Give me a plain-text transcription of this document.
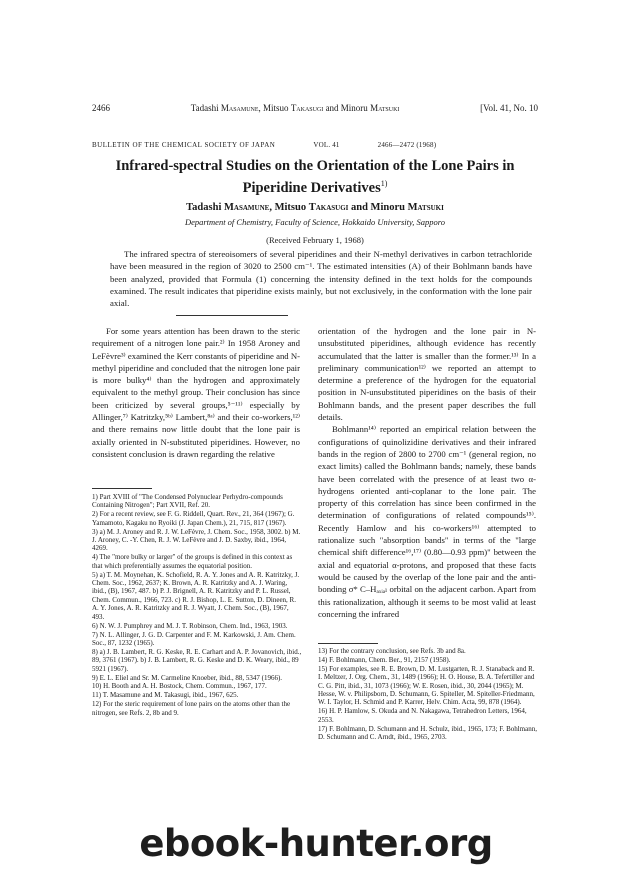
2466	Tadashi Masamune, Mitsuo Takasugi and Minoru Matsuki	[Vol. 41, No. 10
BULLETIN OF THE CHEMICAL SOCIETY OF JAPAN	VOL. 41	2466—2472 (1968)
Infrared-spectral Studies on the Orientation of the Lone Pairs in
Piperidine Derivatives$^{1)}$
Tadashi Masamune, Mitsuo Takasugi and Minoru Matsuki
Department of Chemistry, Faculty of Science, Hokkaido University, Sapporo
(Received February 1, 1968)
The infrared spectra of stereoisomers of several piperidines and their N-methyl derivatives in carbon tetrachloride have been measured in the region of 3020 to 2500 cm⁻¹. The estimated intensities (A) of their Bohlmann bands have been analyzed, provided that Formula (1) concerning the intensity defined in the text holds for the compounds examined. The result indicates that piperidine exists mainly, but not exclusively, in the conformation with the lone pair axial.

For some years attention has been drawn to the steric requirement of a nitrogen lone pair.²⁾ In 1958 Aroney and LeFèvre³⁾ examined the Kerr constants of piperidine and N-methyl piperidine and concluded that the nitrogen lone pair is more bulky⁴⁾ than the hydrogen and approximately equivalent to the methyl group. Their conclusion has since been criticized by several groups,⁵⁻¹¹⁾ especially by Allinger,⁷⁾ Katritzky,⁵ᵇ⁾ Lambert,⁸ᵃ⁾ and their co-workers,¹²⁾ and there remains now little doubt that the lone pair is axially oriented in N-substituted piperidines. However, no consistent conclusion is drawn regarding the relative

orientation of the hydrogen and the lone pair in N-unsubstituted piperidines, although evidence has recently accumulated that the latter is smaller than the former.¹³⁾ In a preliminary communication¹²⁾ we reported an attempt to determine a preference of the hydrogen for the equatorial position in N-unsubstituted piperidines on the basis of their Bohlmann bands, and the present paper describes the full details.

Bohlmann¹⁴⁾ reported an empirical relation between the configurations of quinolizidine derivatives and their infrared bands in the region of 2800 to 2700 cm⁻¹ (general region, no exact limits) called the Bohlmann bands; namely, these bands have been correlated with the presence of at least two α-hydrogens oriented anti-coplanar to the lone pair. The property of this correlation has since been confirmed in the determination of configurations of related compounds¹⁵⁾. Recently Hamlow and his co-workers¹⁶⁾ attempted to rationalize such "absorption bands" in terms of the "large chemical shift difference¹⁶,¹⁷⁾ (0.80—0.93 ppm)" between the axial and equatorial α-protons, and proposed that these facts would be caused by the overlap of the lone pair and the anti-bonding σ* C–Hₐₓᵢₐₗ orbital on the adjacent carbon. Apart from this rationalization, although it seems to be most valid at least concerning the infrared

1) Part XVIII of "The Condensed Polynuclear Perhydro-compounds Containing Nitrogen"; Part XVII, Ref. 20.
2) For a recent review, see F. G. Riddell, Quart. Rev., 21, 364 (1967); G. Yamamoto, Kagaku no Ryoiki (J. Japan Chem.), 21, 715, 817 (1967).
3) a) M. J. Aroney and R. J. W. LeFèvre, J. Chem. Soc., 1958, 3002. b) M. J. Aroney, C. -Y. Chen, R. J. W. LeFèvre and J. D. Saxby, ibid., 1964, 4269.
4) The "more bulky or larger" of the groups is defined in this context as that which preferentially assumes the equatorial position.
5) a) T. M. Moynehan, K. Schofield, R. A. Y. Jones and A. R. Katritzky, J. Chem. Soc., 1962, 2637; K. Brown, A. R. Katritzky and A. J. Waring, ibid., (B), 1967, 487. b) P. J. Brignell, A. R. Katritzky and P. L. Russel, Chem. Commun., 1966, 723. c) R. J. Bishop, L. E. Sutton, D. Dineen, R. A. Y. Jones, A. R. Katritzky and R. J. Wyatt, J. Chem. Soc., (B), 1967, 493.
6) N. W. J. Pumphrey and M. J. T. Robinson, Chem. Ind., 1963, 1903.
7) N. L. Allinger, J. G. D. Carpenter and F. M. Karkowski, J. Am. Chem. Soc., 87, 1232 (1965).
8) a) J. B. Lambert, R. G. Keske, R. E. Carhart and A. P. Jovanovich, ibid., 89, 3761 (1967). b) J. B. Lambert, R. G. Keske and D. K. Weary, ibid., 89 5921 (1967).
9) E. L. Eliel and Sr. M. Carmeline Knoeber, ibid., 88, 5347 (1966).
10) H. Booth and A. H. Bostock, Chem. Commun., 1967, 177.
11) T. Masamune and M. Takasugi, ibid., 1967, 625.
12) For the steric requirement of lone pairs on the atoms other than the nitrogen, see Refs. 2, 8b and 9.
13) For the contrary conclusion, see Refs. 3b and 8a.
14) F. Bohlmann, Chem. Ber., 91, 2157 (1958).
15) For examples, see R. E. Brown, D. M. Lustgarten, R. J. Stanaback and R. I. Meltzer, J. Org. Chem., 31, 1489 (1966); H. O. House, B. A. Tefertiller and C. G. Pitt, ibid., 31, 1073 (1966); W. E. Rosen, ibid., 30, 2044 (1965); M. Hesse, W. v. Philipsborn, D. Schumann, G. Spiteller, M. Spiteller-Friedmann, W. I. Taylor, H. Schmid and P. Karrer, Helv. Chim. Acta, 99, 878 (1964).
16) H. P. Hamlow, S. Okuda and N. Nakagawa, Tetrahedron Letters, 1964, 2553.
17) F. Bohlmann, D. Schumann and H. Schulz, ibid., 1965, 173; F. Bohlmann, D. Schumann and C. Arndt, ibid., 1965, 2703.
ebook-hunter.org
